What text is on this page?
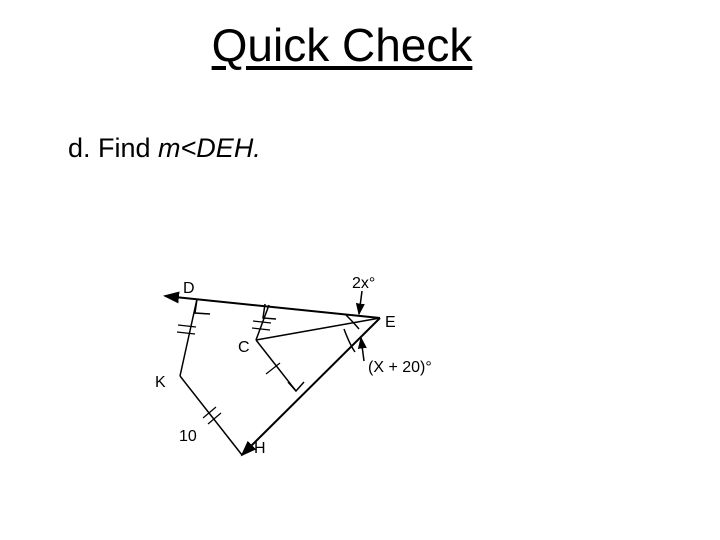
Quick Check
d. Find m<DEH.
D
E
C
K
H
2x°
(X + 20)°
10
